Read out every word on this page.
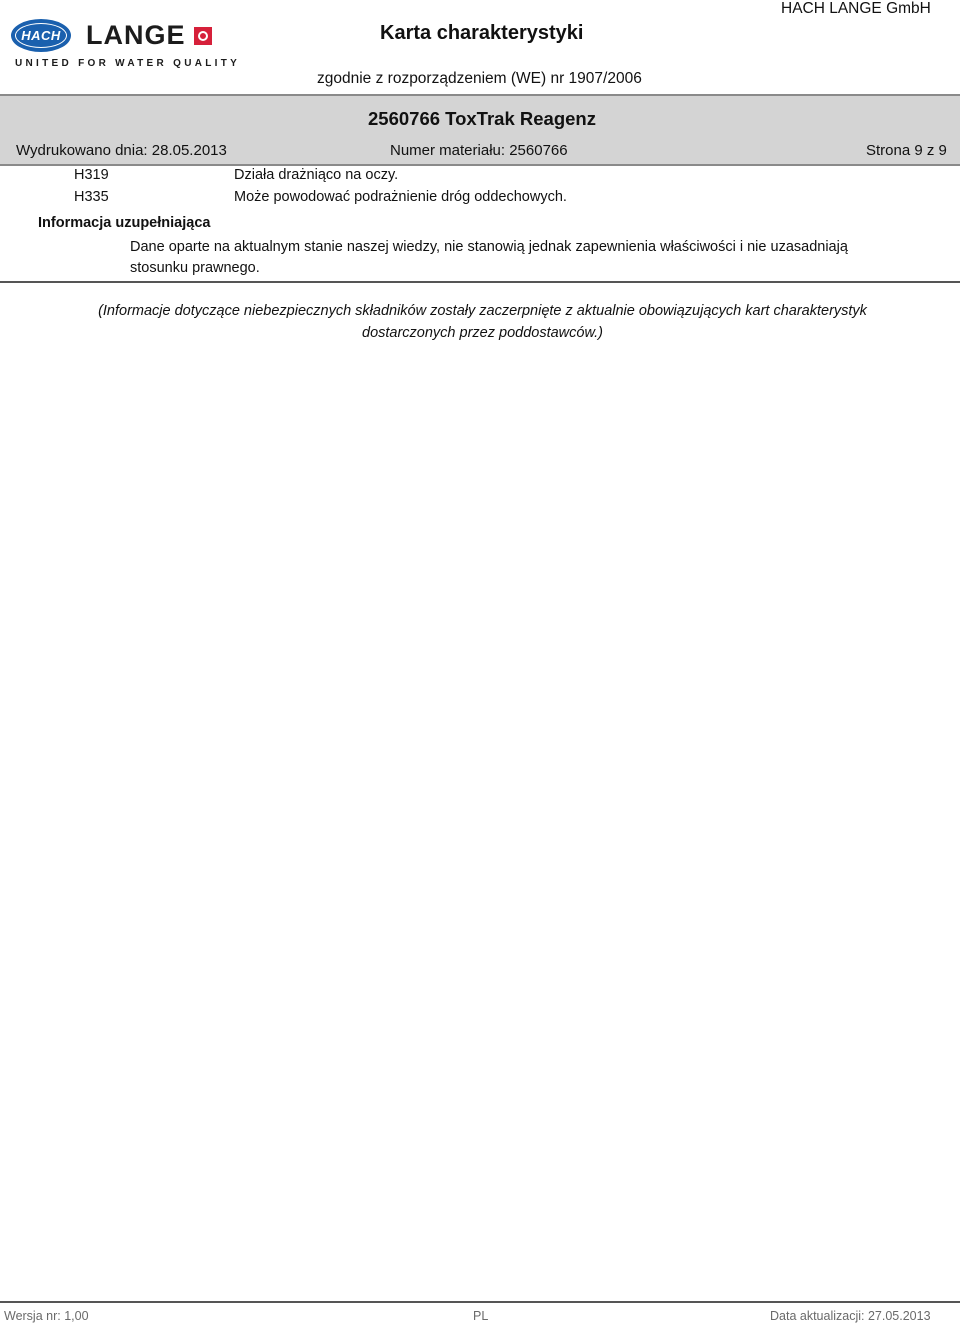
HACH LANGE
UNITED FOR WATER QUALITY
Karta charakterystyki
HACH LANGE GmbH
zgodnie z rozporządzeniem (WE) nr 1907/2006
2560766 ToxTrak Reagenz
Wydrukowano dnia: 28.05.2013	Numer materiału: 2560766	Strona 9 z 9
H319	Działa drażniąco na oczy.
H335	Może powodować podrażnienie dróg oddechowych.
Informacja uzupełniająca
Dane oparte na aktualnym stanie naszej wiedzy, nie stanowią jednak zapewnienia właściwości i nie uzasadniają stosunku prawnego.
(Informacje dotyczące niebezpiecznych składników zostały zaczerpnięte z aktualnie obowiązujących kart charakterystyk dostarczonych przez poddostawców.)
Wersja nr: 1,00	PL	Data aktualizacji: 27.05.2013
